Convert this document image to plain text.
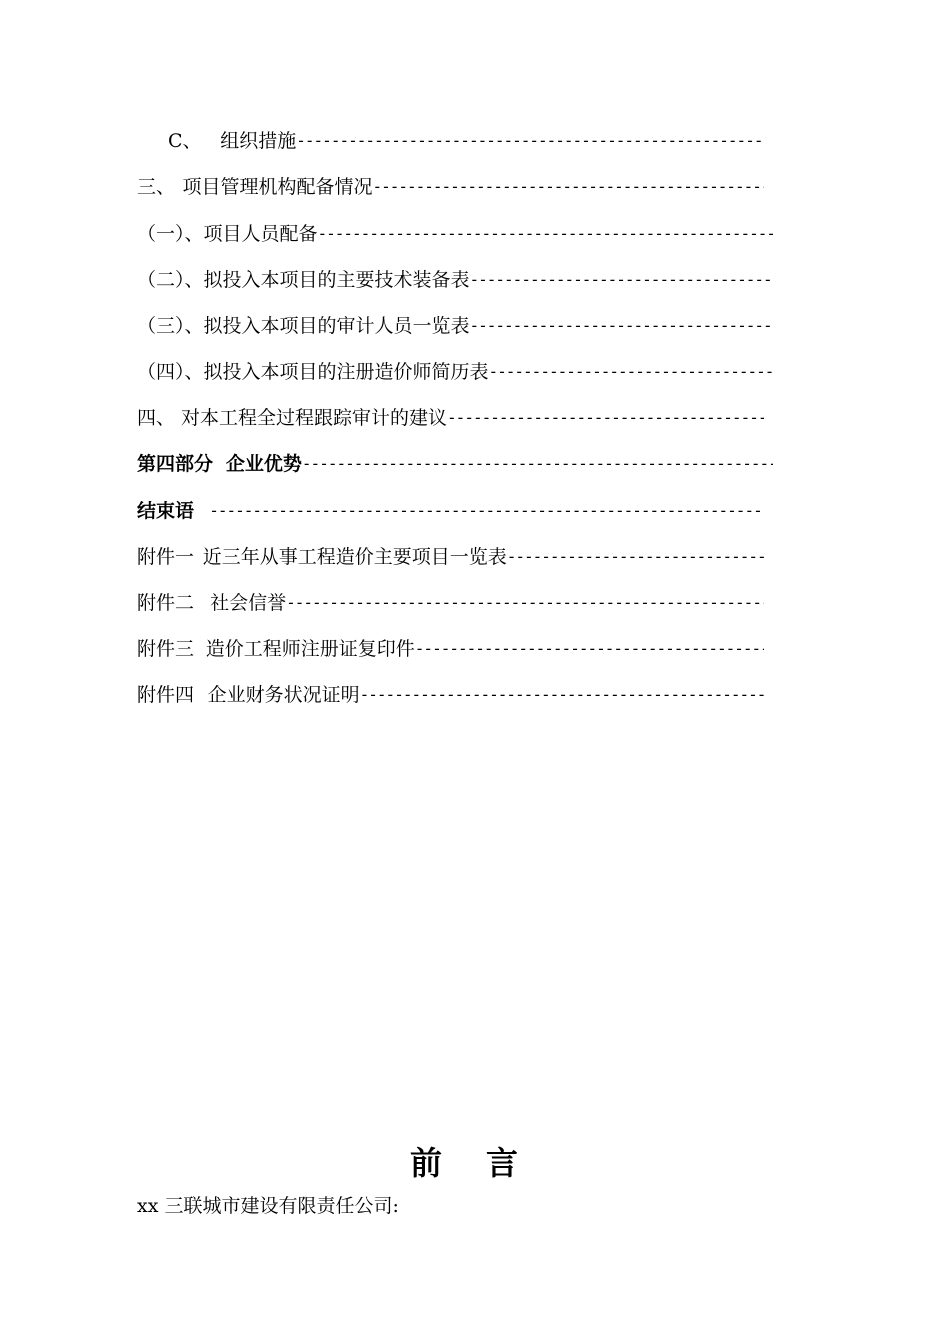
C、 组织措施
-----
三、 项目管理机构配备情况
-----
（一）、项目人员配备
-----
（二）、拟投入本项目的主要技术装备表
-----
（三）、拟投入本项目的审计人员一览表
-----
（四）、拟投入本项目的注册造价师简历表
-----
四、 对本工程全过程跟踪审计的建议
-----
第四部分 企业优势
-----
结束语
-----
附件一 近三年从事工程造价主要项目一览表
-----
附件二 社会信誉
-----
附件三 造价工程师注册证复印件
-----
附件四 企业财务状况证明
-----
前言
xx 三联城市建设有限责任公司:
